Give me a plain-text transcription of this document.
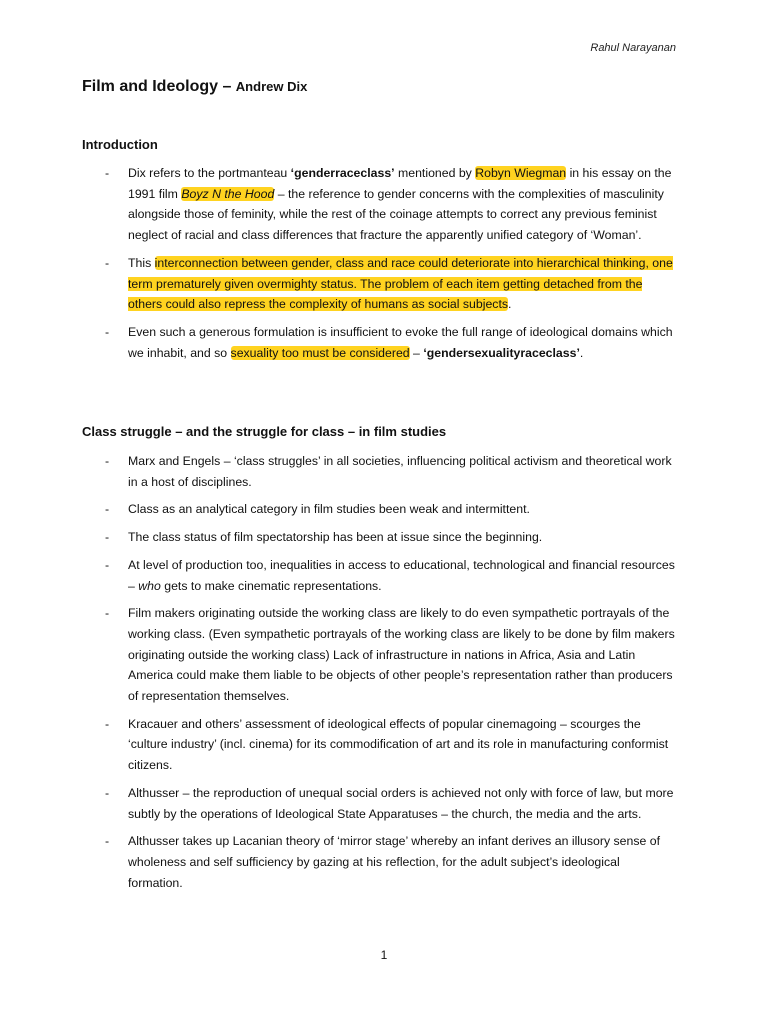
Rahul Narayanan
Film and Ideology – Andrew Dix
Introduction
- Dix refers to the portmanteau ‘genderraceclass’ mentioned by Robyn Wiegman in his essay on the 1991 film Boyz N the Hood – the reference to gender concerns with the complexities of masculinity alongside those of feminity, while the rest of the coinage attempts to correct any previous feminist neglect of racial and class differences that fracture the apparently unified category of ‘Woman’.
- This interconnection between gender, class and race could deteriorate into hierarchical thinking, one term prematurely given overmighty status. The problem of each item getting detached from the others could also repress the complexity of humans as social subjects.
- Even such a generous formulation is insufficient to evoke the full range of ideological domains which we inhabit, and so sexuality too must be considered – ‘gendersexualityraceclass’.
Class struggle – and the struggle for class – in film studies
- Marx and Engels – ‘class struggles’ in all societies, influencing political activism and theoretical work in a host of disciplines.
- Class as an analytical category in film studies been weak and intermittent.
- The class status of film spectatorship has been at issue since the beginning.
- At level of production too, inequalities in access to educational, technological and financial resources – who gets to make cinematic representations.
- Film makers originating outside the working class are likely to do even sympathetic portrayals of the working class. (Even sympathetic portrayals of the working class are likely to be done by film makers originating outside the working class) Lack of infrastructure in nations in Africa, Asia and Latin America could make them liable to be objects of other people’s representation rather than producers of representation themselves.
- Kracauer and others’ assessment of ideological effects of popular cinemagoing – scourges the ‘culture industry’ (incl. cinema) for its commodification of art and its role in manufacturing conformist citizens.
- Althusser – the reproduction of unequal social orders is achieved not only with force of law, but more subtly by the operations of Ideological State Apparatuses – the church, the media and the arts.
- Althusser takes up Lacanian theory of ‘mirror stage’ whereby an infant derives an illusory sense of wholeness and self sufficiency by gazing at his reflection, for the adult subject’s ideological formation.
1
